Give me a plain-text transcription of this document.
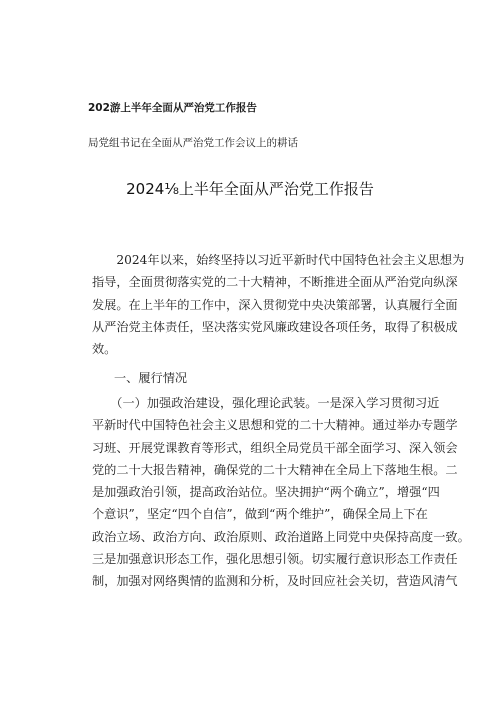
202游上半年全面从严治党工作报告
局党组书记在全面从严治党工作会议上的耕话
2024⅛上半年全面从严治党工作报告
　　2024年以来，始终坚持以习近平新时代中国特色社会主义思想为
指导，全面贯彻落实党的二十大精神，不断推进全面从严治党向纵深
发展。在上半年的工作中，深入贯彻党中央决策部署，认真履行全面
从严治党主体责任，坚决落实党风廉政建设各项任务，取得了积极成
效。
一、履行情况
　　（一）加强政治建设，强化理论武装。一是深入学习贯彻习近
平新时代中国特色社会主义思想和党的二十大精神。通过举办专题学
习班、开展党课教育等形式，组织全局党员干部全面学习、深入领会
党的二十大报告精神，确保党的二十大精神在全局上下落地生根。二
是加强政治引领，提高政治站位。坚决拥护“两个确立”，增强“四
个意识”，坚定“四个自信”，做到“两个维护”，确保全局上下在
政治立场、政治方向、政治原则、政治道路上同党中央保持高度一致。
三是加强意识形态工作，强化思想引领。切实履行意识形态工作责任
制，加强对网络舆情的监测和分析，及时回应社会关切，营造风清气
